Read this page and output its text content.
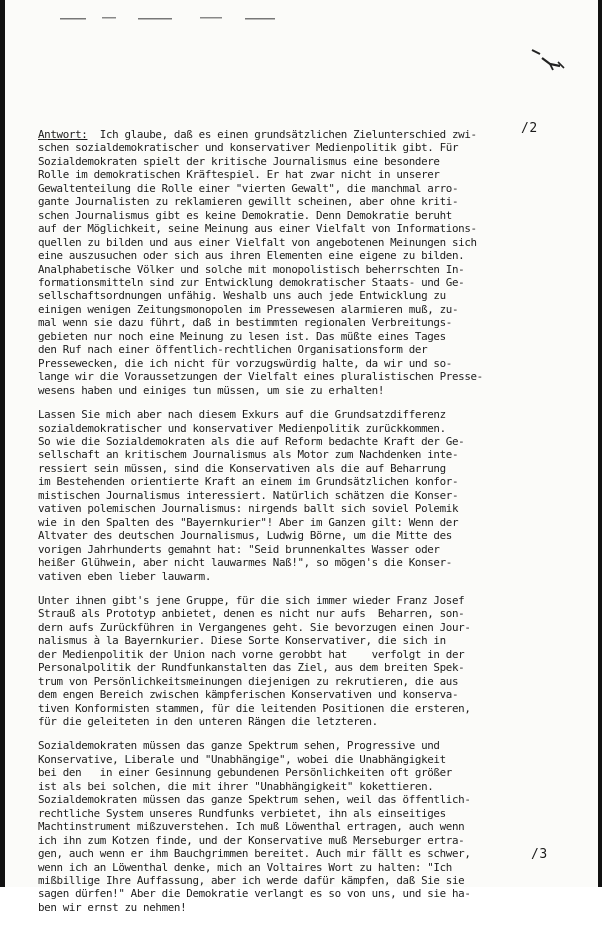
/2
Antwort:  Ich glaube, daß es einen grundsätzlichen Zielunterschied zwi-
schen sozialdemokratischer und konservativer Medienpolitik gibt. Für
Sozialdemokraten spielt der kritische Journalismus eine besondere
Rolle im demokratischen Kräftespiel. Er hat zwar nicht in unserer
Gewaltenteilung die Rolle einer "vierten Gewalt", die manchmal arro-
gante Journalisten zu reklamieren gewillt scheinen, aber ohne kriti-
schen Journalismus gibt es keine Demokratie. Denn Demokratie beruht
auf der Möglichkeit, seine Meinung aus einer Vielfalt von Informations-
quellen zu bilden und aus einer Vielfalt von angebotenen Meinungen sich
eine auszusuchen oder sich aus ihren Elementen eine eigene zu bilden.
Analphabetische Völker und solche mit monopolistisch beherrschten In-
formationsmitteln sind zur Entwicklung demokratischer Staats- und Ge-
sellschaftsordnungen unfähig. Weshalb uns auch jede Entwicklung zu
einigen wenigen Zeitungsmonopolen im Pressewesen alarmieren muß, zu-
mal wenn sie dazu führt, daß in bestimmten regionalen Verbreitungs-
gebieten nur noch eine Meinung zu lesen ist. Das müßte eines Tages
den Ruf nach einer öffentlich-rechtlichen Organisationsform der
Pressewecken, die ich nicht für vorzugswürdig halte, da wir und so-
lange wir die Voraussetzungen der Vielfalt eines pluralistischen Presse-
wesens haben und einiges tun müssen, um sie zu erhalten!
Lassen Sie mich aber nach diesem Exkurs auf die Grundsatzdifferenz
sozialdemokratischer und konservativer Medienpolitik zurückkommen.
So wie die Sozialdemokraten als die auf Reform bedachte Kraft der Ge-
sellschaft an kritischem Journalismus als Motor zum Nachdenken inte-
ressiert sein müssen, sind die Konservativen als die auf Beharrung
im Bestehenden orientierte Kraft an einem im Grundsätzlichen konfor-
mistischen Journalismus interessiert. Natürlich schätzen die Konser-
vativen polemischen Journalismus: nirgends ballt sich soviel Polemik
wie in den Spalten des "Bayernkurier"! Aber im Ganzen gilt: Wenn der
Altvater des deutschen Journalismus, Ludwig Börne, um die Mitte des
vorigen Jahrhunderts gemahnt hat: "Seid brunnenkaltes Wasser oder
heißer Glühwein, aber nicht lauwarmes Naß!", so mögen's die Konser-
vativen eben lieber lauwarm.
Unter ihnen gibt's jene Gruppe, für die sich immer wieder Franz Josef
Strauß als Prototyp anbietet, denen es nicht nur aufs  Beharren, son-
dern aufs Zurückführen in Vergangenes geht. Sie bevorzugen einen Jour-
nalismus à la Bayernkurier. Diese Sorte Konservativer, die sich in
der Medienpolitik der Union nach vorne gerobbt hat    verfolgt in der
Personalpolitik der Rundfunkanstalten das Ziel, aus dem breiten Spek-
trum von Persönlichkeitsmeinungen diejenigen zu rekrutieren, die aus
dem engen Bereich zwischen kämpferischen Konservativen und konserva-
tiven Konformisten stammen, für die leitenden Positionen die ersteren,
für die geleiteten in den unteren Rängen die letzteren.
Sozialdemokraten müssen das ganze Spektrum sehen, Progressive und
Konservative, Liberale und "Unabhängige", wobei die Unabhängigkeit
bei den   in einer Gesinnung gebundenen Persönlichkeiten oft größer
ist als bei solchen, die mit ihrer "Unabhängigkeit" kokettieren.
Sozialdemokraten müssen das ganze Spektrum sehen, weil das öffentlich-
rechtliche System unseres Rundfunks verbietet, ihn als einseitiges
Machtinstrument mißzuverstehen. Ich muß Löwenthal ertragen, auch wenn
ich ihn zum Kotzen finde, und der Konservative muß Merseburger ertra-
gen, auch wenn er ihm Bauchgrimmen bereitet. Auch mir fällt es schwer,
wenn ich an Löwenthal denke, mich an Voltaires Wort zu halten: "Ich
mißbillige Ihre Auffassung, aber ich werde dafür kämpfen, daß Sie sie
sagen dürfen!" Aber die Demokratie verlangt es so von uns, und sie ha-
ben wir ernst zu nehmen!
/3
